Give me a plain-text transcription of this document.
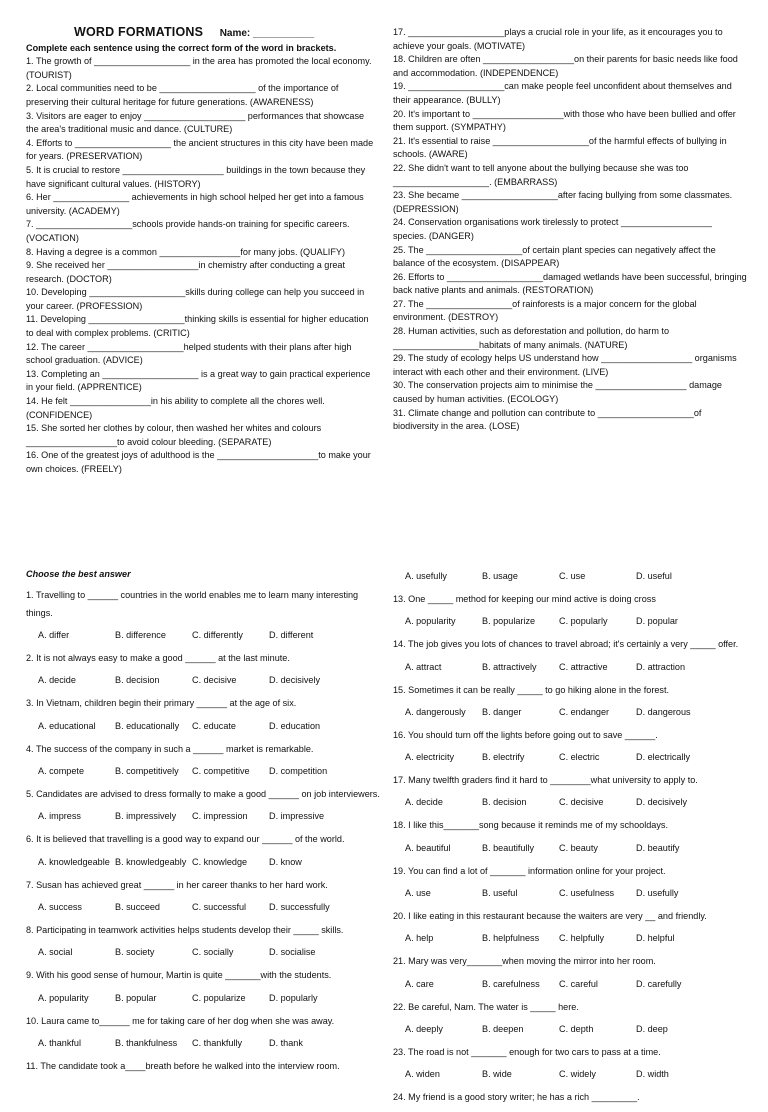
WORD FORMATIONS Name: ___________

Complete each sentence using the correct form of the word in brackets.

1. The growth of ___________________ in the area has promoted the local economy. (TOURIST)

2. Local communities need to be ___________________ of the importance of preserving their cultural heritage for future generations. (AWARENESS)

3. Visitors are eager to enjoy ____________________ performances that showcase the area's traditional music and dance. (CULTURE)

4. Efforts to ___________________ the ancient structures in this city have been made for years. (PRESERVATION)

5. It is crucial to restore ____________________ buildings in the town because they have significant cultural values. (HISTORY)

6. Her _______________ achievements in high school helped her get into a famous university. (ACADEMY)

7. ___________________schools provide hands-on training for specific careers. (VOCATION)

8. Having a degree is a common ________________for many jobs. (QUALIFY)

9. She received her __________________in chemistry after conducting a great research. (DOCTOR)

10. Developing ___________________skills during college can help you succeed in your career. (PROFESSION)

11. Developing ___________________thinking skills is essential for higher education to deal with complex problems. (CRITIC)

12. The career ___________________helped students with their plans after high school graduation. (ADVICE)

13. Completing an ___________________ is a great way to gain practical experience in your field. (APPRENTICE)

14. He felt ________________in his ability to complete all the chores well. (CONFIDENCE)

15. She sorted her clothes by colour, then washed her whites and colours __________________to avoid colour bleeding. (SEPARATE)

16. One of the greatest joys of adulthood is the ____________________to make your own choices. (FREELY)

17. ___________________plays a crucial role in your life, as it encourages you to achieve your goals. (MOTIVATE)

18. Children are often __________________on their parents for basic needs like food and accommodation. (INDEPENDENCE)

19. ___________________can make people feel unconfident about themselves and their appearance. (BULLY)

20. It's important to __________________with those who have been bullied and offer them support. (SYMPATHY)

21. It's essential to raise ___________________of the harmful effects of bullying in schools. (AWARE)

22. She didn't want to tell anyone about the bullying because she was too ___________________. (EMBARRASS)

23. She became ___________________after facing bullying from some classmates. (DEPRESSION)

24. Conservation organisations work tirelessly to protect __________________ species. (DANGER)

25. The ___________________of certain plant species can negatively affect the balance of the ecosystem. (DISAPPEAR)

26. Efforts to ___________________damaged wetlands have been successful, bringing back native plants and animals. (RESTORATION)

27. The _________________of rainforests is a major concern for the global environment. (DESTROY)

28. Human activities, such as deforestation and pollution, do harm to _________________habitats of many animals. (NATURE)

29. The study of ecology helps US understand how __________________ organisms interact with each other and their environment. (LIVE)

30. The conservation projects aim to minimise the __________________ damage caused by human activities. (ECOLOGY)

31. Climate change and pollution can contribute to ___________________of biodiversity in the area. (LOSE)

Choose the best answer

1. Travelling to ______ countries in the world enables me to learn many interesting things.

A. differ	B. difference	C. differently	D. different

2. It is not always easy to make a good ______ at the last minute.

A. decide	B. decision	C. decisive	D. decisively

3. In Vietnam, children begin their primary ______ at the age of six.

A. educational	B. educationally	C. educate	D. education

4. The success of the company in such a ______ market is remarkable.

A. compete	B. competitively	C. competitive	D. competition

5. Candidates are advised to dress formally to make a good ______ on job interviewers.

A. impress	B. impressively	C. impression	D. impressive

6. It is believed that travelling is a good way to expand our ______ of the world.

A. knowledgeable B. knowledgeably C. knowledge	D. know

7. Susan has achieved great ______ in her career thanks to her hard work.

A. success	B. succeed	C. successful	D. successfully

8. Participating in teamwork activities helps students develop their _____ skills.

A. social	B. society	C. socially	D. socialise

9. With his good sense of humour, Martin is quite _______with the students.

A. popularity	B. popular	C. popularize	D. popularly

10. Laura came to______ me for taking care of her dog when she was away.

A. thankful	B. thankfulness	C. thankfully	D. thank

11. The candidate took a____breath before he walked into the interview room.

A. usefully	B. usage	C. use	D. useful

13. One _____ method for keeping our mind active is doing cross

A. popularity	B. popularize	C. popularly	D. popular

14. The job gives you lots of chances to travel abroad; it's certainly a very _____ offer.

A. attract	B. attractively	C. attractive	D. attraction

15. Sometimes it can be really _____ to go hiking alone in the forest.

A. dangerously	B. danger	C. endanger	D. dangerous

16. You should turn off the lights before going out to save ______.

A. electricity	B. electrify	C. electric	D. electrically

17. Many twelfth graders find it hard to ________what university to apply to.

A. decide	B. decision	C. decisive	D. decisively

18. I like this_______song because it reminds me of my schooldays.

A. beautiful	B. beautifully	C. beauty	D. beautify

19. You can find a lot of _______ information online for your project.

A. use	B. useful	C. usefulness	D. usefully

20. I like eating in this restaurant because the waiters are very __ and friendly.

A. help	B. helpfulness	C. helpfully	D. helpful

21. Mary was very_______when moving the mirror into her room.

A. care	B. carefulness	C. careful	D. carefully

22. Be careful, Nam. The water is _____ here.

A. deeply	B. deepen	C. depth	D. deep

23. The road is not _______ enough for two cars to pass at a time.

A. widen	B. wide	C. widely	D. width

24. My friend is a good story writer; he has a rich _________.
